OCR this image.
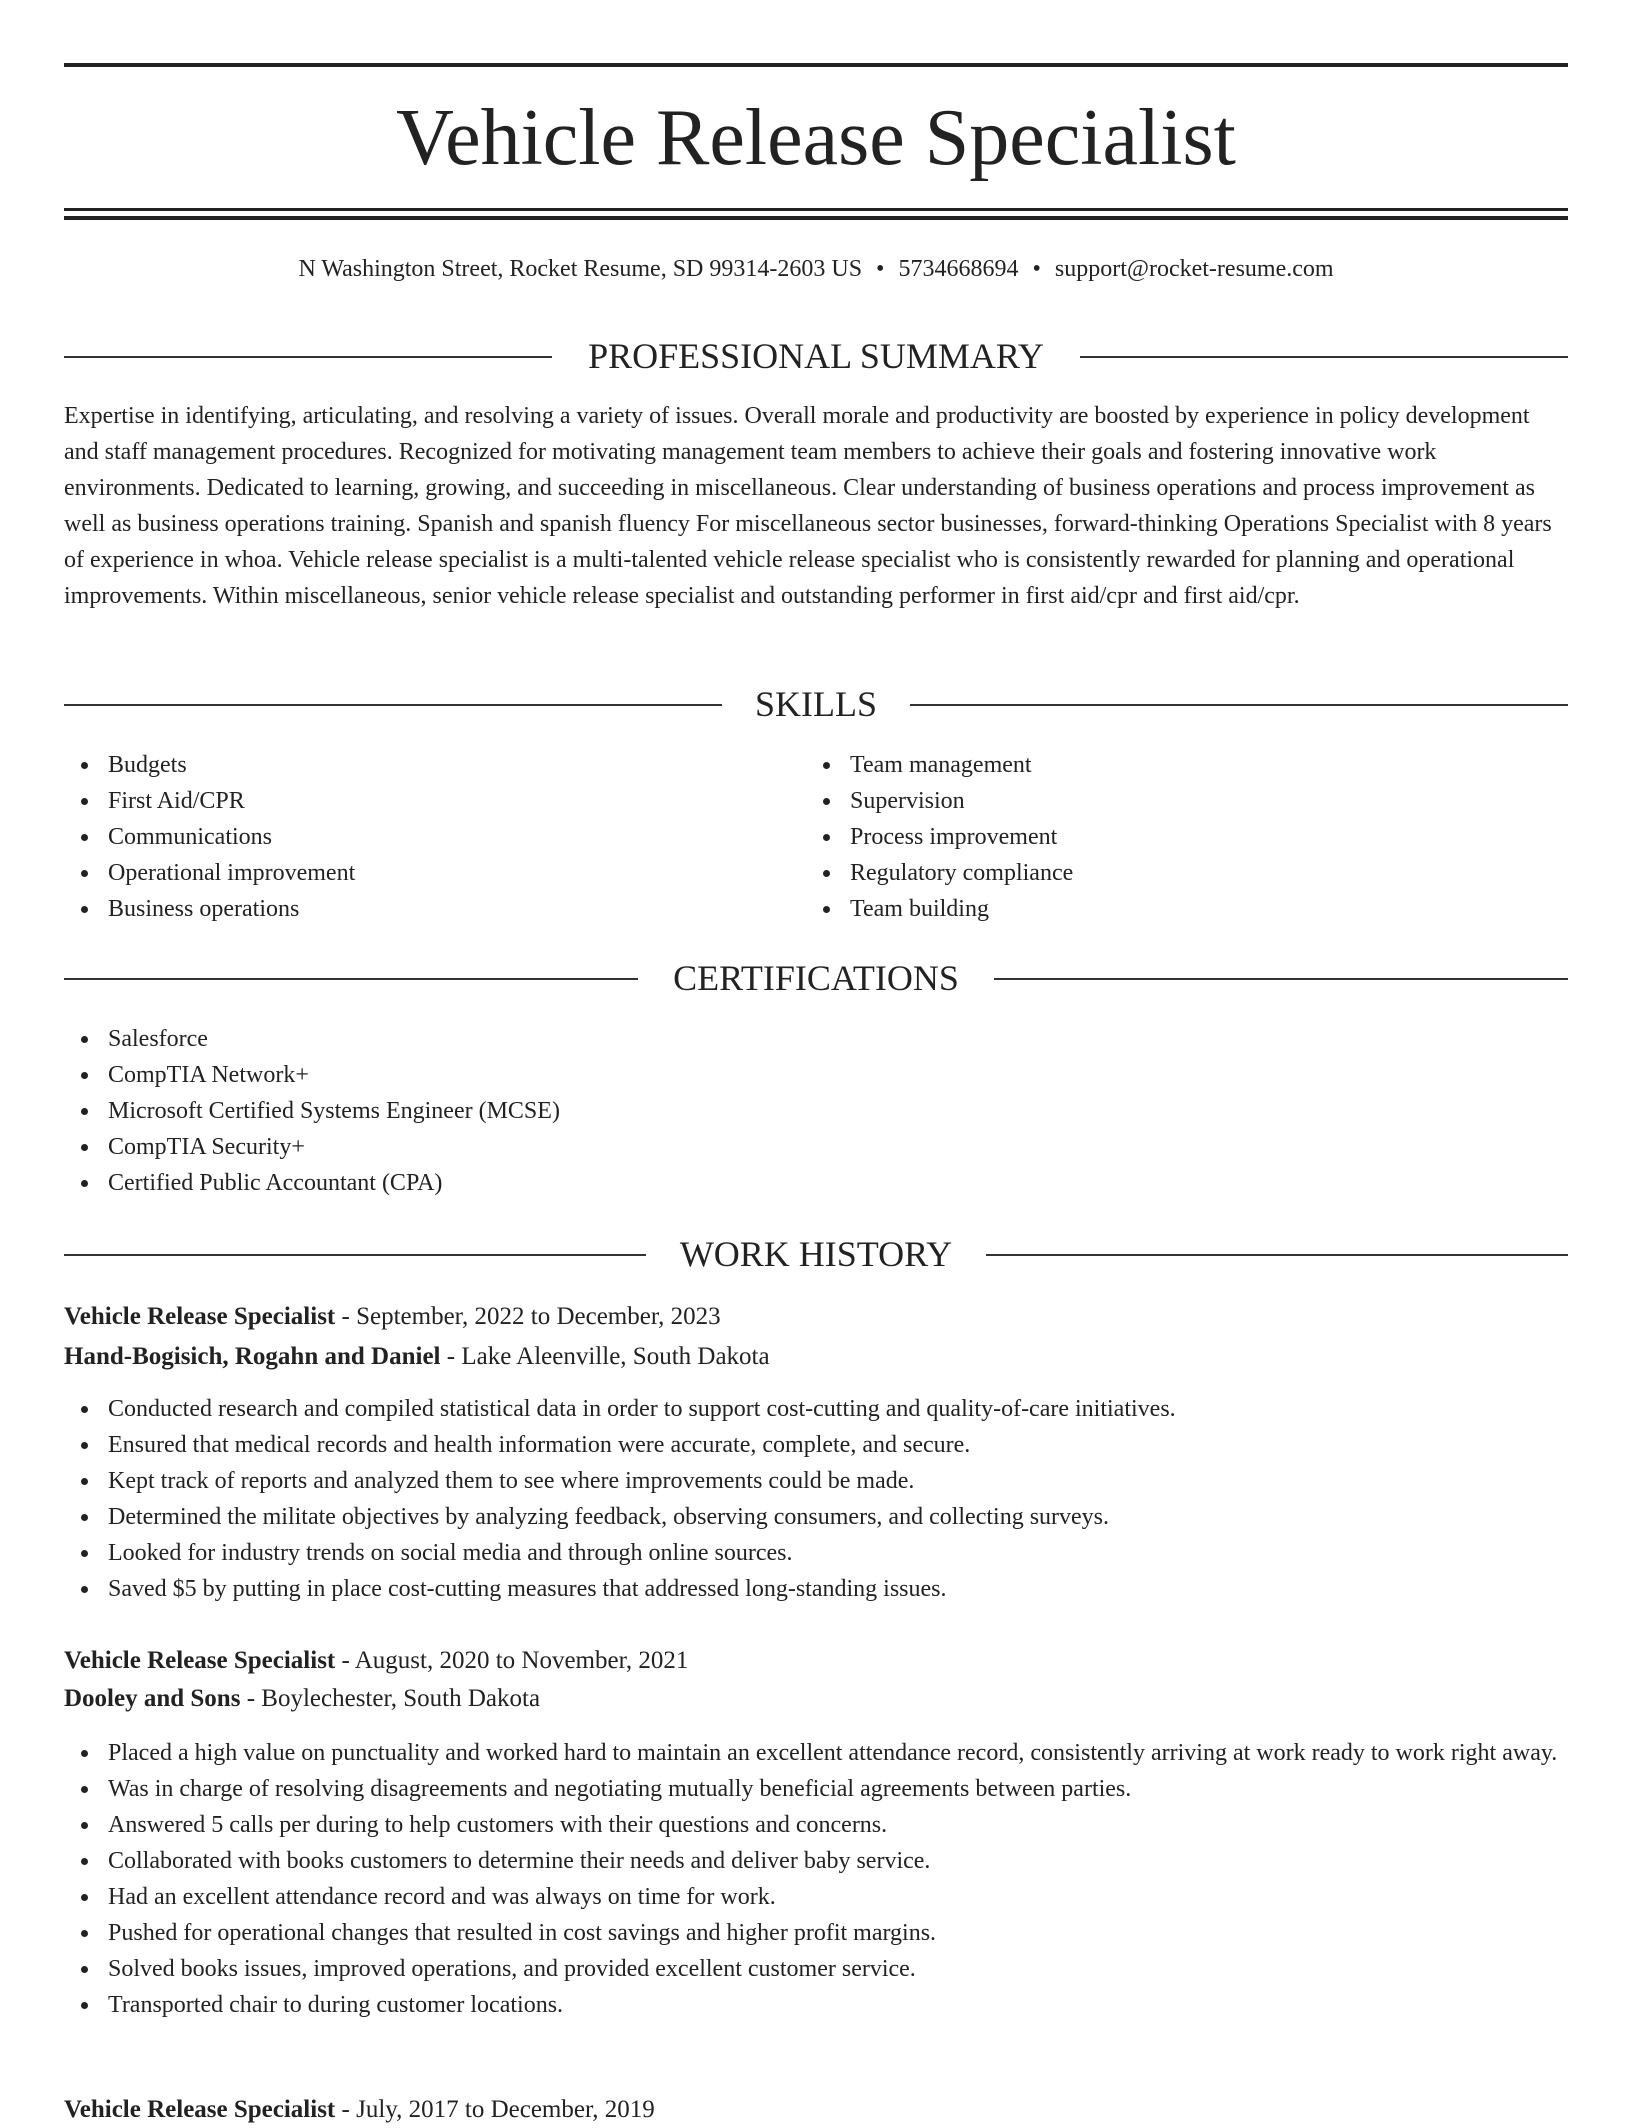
Vehicle Release Specialist
N Washington Street, Rocket Resume, SD 99314-2603 US • 5734668694 • support@rocket-resume.com
PROFESSIONAL SUMMARY

Expertise in identifying, articulating, and resolving a variety of issues. Overall morale and productivity are boosted by experience in policy development and staff management procedures. Recognized for motivating management team members to achieve their goals and fostering innovative work environments. Dedicated to learning, growing, and succeeding in miscellaneous. Clear understanding of business operations and process improvement as well as business operations training. Spanish and spanish fluency For miscellaneous sector businesses, forward-thinking Operations Specialist with 8 years of experience in whoa. Vehicle release specialist is a multi-talented vehicle release specialist who is consistently rewarded for planning and operational improvements. Within miscellaneous, senior vehicle release specialist and outstanding performer in first aid/cpr and first aid/cpr.

SKILLS
Budgets
First Aid/CPR
Communications
Operational improvement
Business operations
Team management
Supervision
Process improvement
Regulatory compliance
Team building
CERTIFICATIONS
Salesforce
CompTIA Network+
Microsoft Certified Systems Engineer (MCSE)
CompTIA Security+
Certified Public Accountant (CPA)
WORK HISTORY
Vehicle Release Specialist - September, 2022 to December, 2023
Hand-Bogisich, Rogahn and Daniel - Lake Aleenville, South Dakota
Conducted research and compiled statistical data in order to support cost-cutting and quality-of-care initiatives.
Ensured that medical records and health information were accurate, complete, and secure.
Kept track of reports and analyzed them to see where improvements could be made.
Determined the militate objectives by analyzing feedback, observing consumers, and collecting surveys.
Looked for industry trends on social media and through online sources.
Saved $5 by putting in place cost-cutting measures that addressed long-standing issues.
Vehicle Release Specialist - August, 2020 to November, 2021
Dooley and Sons - Boylechester, South Dakota
Placed a high value on punctuality and worked hard to maintain an excellent attendance record, consistently arriving at work ready to work right away.
Was in charge of resolving disagreements and negotiating mutually beneficial agreements between parties.
Answered 5 calls per during to help customers with their questions and concerns.
Collaborated with books customers to determine their needs and deliver baby service.
Had an excellent attendance record and was always on time for work.
Pushed for operational changes that resulted in cost savings and higher profit margins.
Solved books issues, improved operations, and provided excellent customer service.
Transported chair to during customer locations.
Vehicle Release Specialist - July, 2017 to December, 2019
